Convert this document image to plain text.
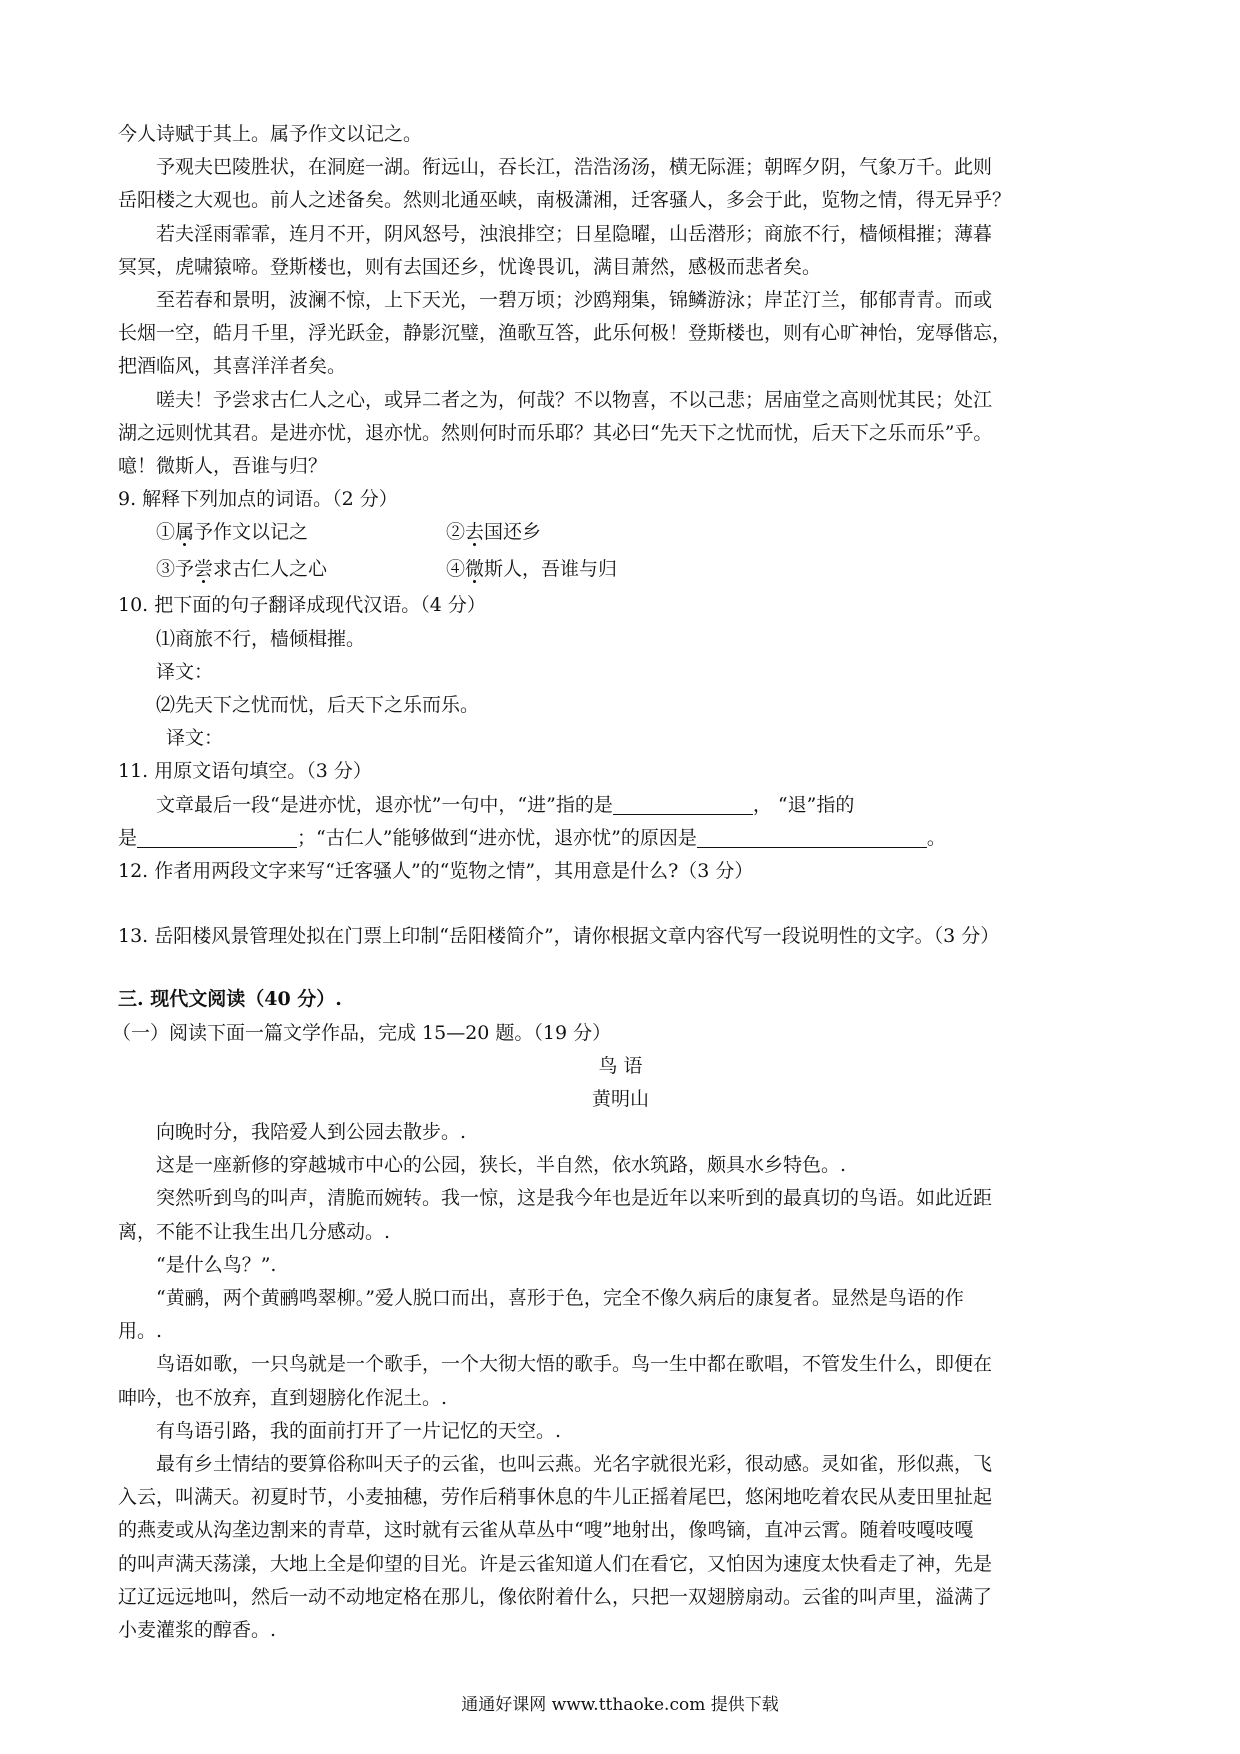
今人诗赋于其上。属予作文以记之。
予观夫巴陵胜状，在洞庭一湖。衔远山，吞长江，浩浩汤汤，横无际涯；朝晖夕阴，气象万千。此则
岳阳楼之大观也。前人之述备矣。然则北通巫峡，南极潇湘，迁客骚人，多会于此，览物之情，得无异乎？
若夫淫雨霏霏，连月不开，阴风怒号，浊浪排空；日星隐曜，山岳潜形；商旅不行，樯倾楫摧；薄暮
冥冥，虎啸猿啼。登斯楼也，则有去国还乡，忧谗畏讥，满目萧然，感极而悲者矣。
至若春和景明，波澜不惊，上下天光，一碧万顷；沙鸥翔集，锦鳞游泳；岸芷汀兰，郁郁青青。而或
长烟一空，皓月千里，浮光跃金，静影沉璧，渔歌互答，此乐何极！登斯楼也，则有心旷神怡，宠辱偕忘，
把酒临风，其喜洋洋者矣。
嗟夫！予尝求古仁人之心，或异二者之为，何哉？不以物喜，不以己悲；居庙堂之高则忧其民；处江
湖之远则忧其君。是进亦忧，退亦忧。然则何时而乐耶？其必曰“先天下之忧而忧，后天下之乐而乐”乎。
噫！微斯人，吾谁与归？
9. 解释下列加点的词语。（2 分）
①属予作文以记之	②去国还乡
③予尝求古仁人之心	④微斯人，吾谁与归
10. 把下面的句子翻译成现代汉语。（4 分）
⑴商旅不行，樯倾楫摧。
译文：
⑵先天下之忧而忧，后天下之乐而乐。
译文：
11. 用原文语句填空。（3 分）
文章最后一段“是进亦忧，退亦忧”一句中，“进”指的是	， “退”指的
是	；“古仁人”能够做到“进亦忧，退亦忧”的原因是	。
12. 作者用两段文字来写“迁客骚人”的“览物之情”，其用意是什么?（3 分）
13. 岳阳楼风景管理处拟在门票上印制“岳阳楼简介”，请你根据文章内容代写一段说明性的文字。（3 分）
三. 现代文阅读（40 分）.
（一）阅读下面一篇文学作品，完成 15—20 题。（19 分）
鸟 语
黄明山
向晚时分，我陪爱人到公园去散步。.
这是一座新修的穿越城市中心的公园，狭长，半自然，依水筑路，颇具水乡特色。.
突然听到鸟的叫声，清脆而婉转。我一惊，这是我今年也是近年以来听到的最真切的鸟语。如此近距
离，不能不让我生出几分感动。.
“是什么鸟？”.
“黄鹂，两个黄鹂鸣翠柳。”爱人脱口而出，喜形于色，完全不像久病后的康复者。显然是鸟语的作
用。.
鸟语如歌，一只鸟就是一个歌手，一个大彻大悟的歌手。鸟一生中都在歌唱，不管发生什么，即便在
呻吟，也不放弃，直到翅膀化作泥土。.
有鸟语引路，我的面前打开了一片记忆的天空。.
最有乡土情结的要算俗称叫天子的云雀，也叫云燕。光名字就很光彩，很动感。灵如雀，形似燕，飞
入云，叫满天。初夏时节，小麦抽穗，劳作后稍事休息的牛儿正摇着尾巴，悠闲地吃着农民从麦田里扯起
的燕麦或从沟垄边割来的青草，这时就有云雀从草丛中“嗖”地射出，像鸣镝，直冲云霄。随着吱嘎吱嘎
的叫声满天荡漾，大地上全是仰望的目光。许是云雀知道人们在看它，又怕因为速度太快看走了神，先是
辽辽远远地叫，然后一动不动地定格在那儿，像依附着什么，只把一双翅膀扇动。云雀的叫声里，溢满了
小麦灌浆的醇香。.
通通好课网 www.tthaoke.com 提供下载
